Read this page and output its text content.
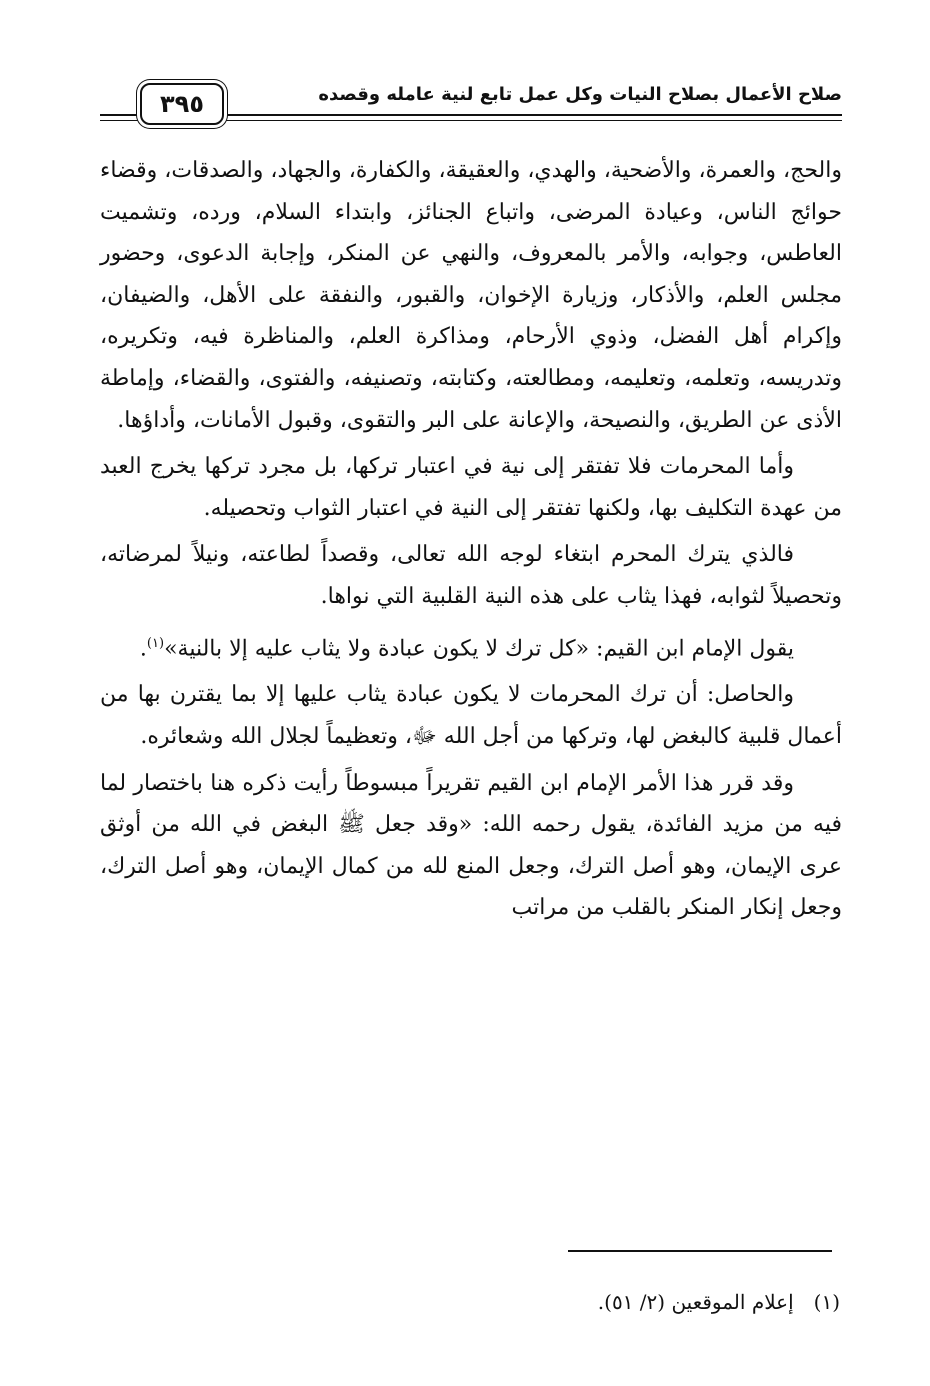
صلاح الأعمال بصلاح النيات وكل عمل تابع لنية عامله وقصده
٣٩٥

والحج، والعمرة، والأضحية، والهدي، والعقيقة، والكفارة، والجهاد، والصدقات، وقضاء حوائج الناس، وعيادة المرضى، واتباع الجنائز، وابتداء السلام، ورده، وتشميت العاطس، وجوابه، والأمر بالمعروف، والنهي عن المنكر، وإجابة الدعوى، وحضور مجلس العلم، والأذكار، وزيارة الإخوان، والقبور، والنفقة على الأهل، والضيفان، وإكرام أهل الفضل، وذوي الأرحام، ومذاكرة العلم، والمناظرة فيه، وتكريره، وتدريسه، وتعلمه، وتعليمه، ومطالعته، وكتابته، وتصنيفه، والفتوى، والقضاء، وإماطة الأذى عن الطريق، والنصيحة، والإعانة على البر والتقوى، وقبول الأمانات، وأداؤها.

وأما المحرمات فلا تفتقر إلى نية في اعتبار تركها، بل مجرد تركها يخرج العبد من عهدة التكليف بها، ولكنها تفتقر إلى النية في اعتبار الثواب وتحصيله.

فالذي يترك المحرم ابتغاء لوجه الله تعالى، وقصداً لطاعته، ونيلاً لمرضاته، وتحصيلاً لثوابه، فهذا يثاب على هذه النية القلبية التي نواها.

يقول الإمام ابن القيم: «كل ترك لا يكون عبادة ولا يثاب عليه إلا بالنية»$^{(١)}$.

والحاصل: أن ترك المحرمات لا يكون عبادة يثاب عليها إلا بما يقترن بها من أعمال قلبية كالبغض لها، وتركها من أجل الله ﷻ، وتعظيماً لجلال الله وشعائره.

وقد قرر هذا الأمر الإمام ابن القيم تقريراً مبسوطاً رأيت ذكره هنا باختصار لما فيه من مزيد الفائدة، يقول رحمه الله: «وقد جعل ﷺ البغض في الله من أوثق عرى الإيمان، وهو أصل الترك، وجعل المنع لله من كمال الإيمان، وهو أصل الترك، وجعل إنكار المنكر بالقلب من مراتب

(١)إعلام الموقعين (٢/ ٥١).
